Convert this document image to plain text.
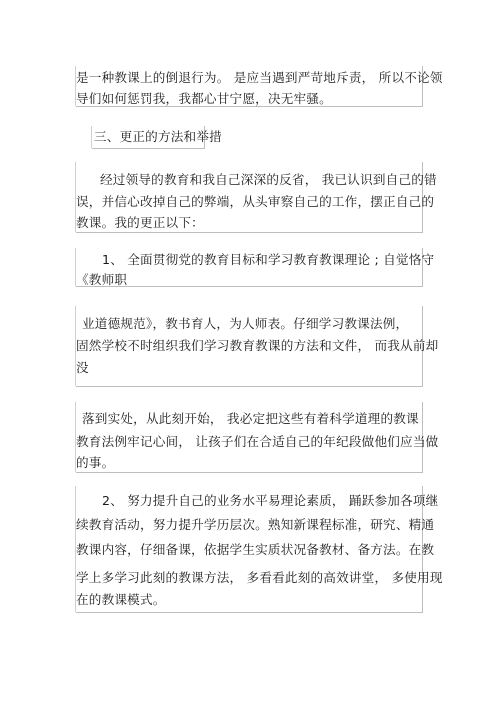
是一种教课上的倒退行为。 是应当遇到严苛地斥责， 所以不论领
导们如何惩罚我，我都心甘宁愿，决无牢骚。
三、更正的方法和举措
经过领导的教育和我自己深深的反省， 我已认识到自己的错
误，并信心改掉自己的弊端，从头审察自己的工作，摆正自己的
教课。我的更正以下：
1、 全面贯彻党的教育目标和学习教育教课理论 ; 自觉恪守
《教师职
业道德规范》，教书育人，为人师表。仔细学习教课法例，
固然学校不时组织我们学习教育教课的方法和文件， 而我从前却
没
落到实处，从此刻开始， 我必定把这些有着科学道理的教课
教育法例牢记心间， 让孩子们在合适自己的年纪段做他们应当做
的事。
2、 努力提升自己的业务水平易理论素质， 踊跃参加各项继
续教育活动，努力提升学历层次。熟知新课程标准，研究、精通
教课内容，仔细备课，依据学生实质状况备教材、备方法。在教
学上多学习此刻的教课方法， 多看看此刻的高效讲堂， 多使用现
在的教课模式。
